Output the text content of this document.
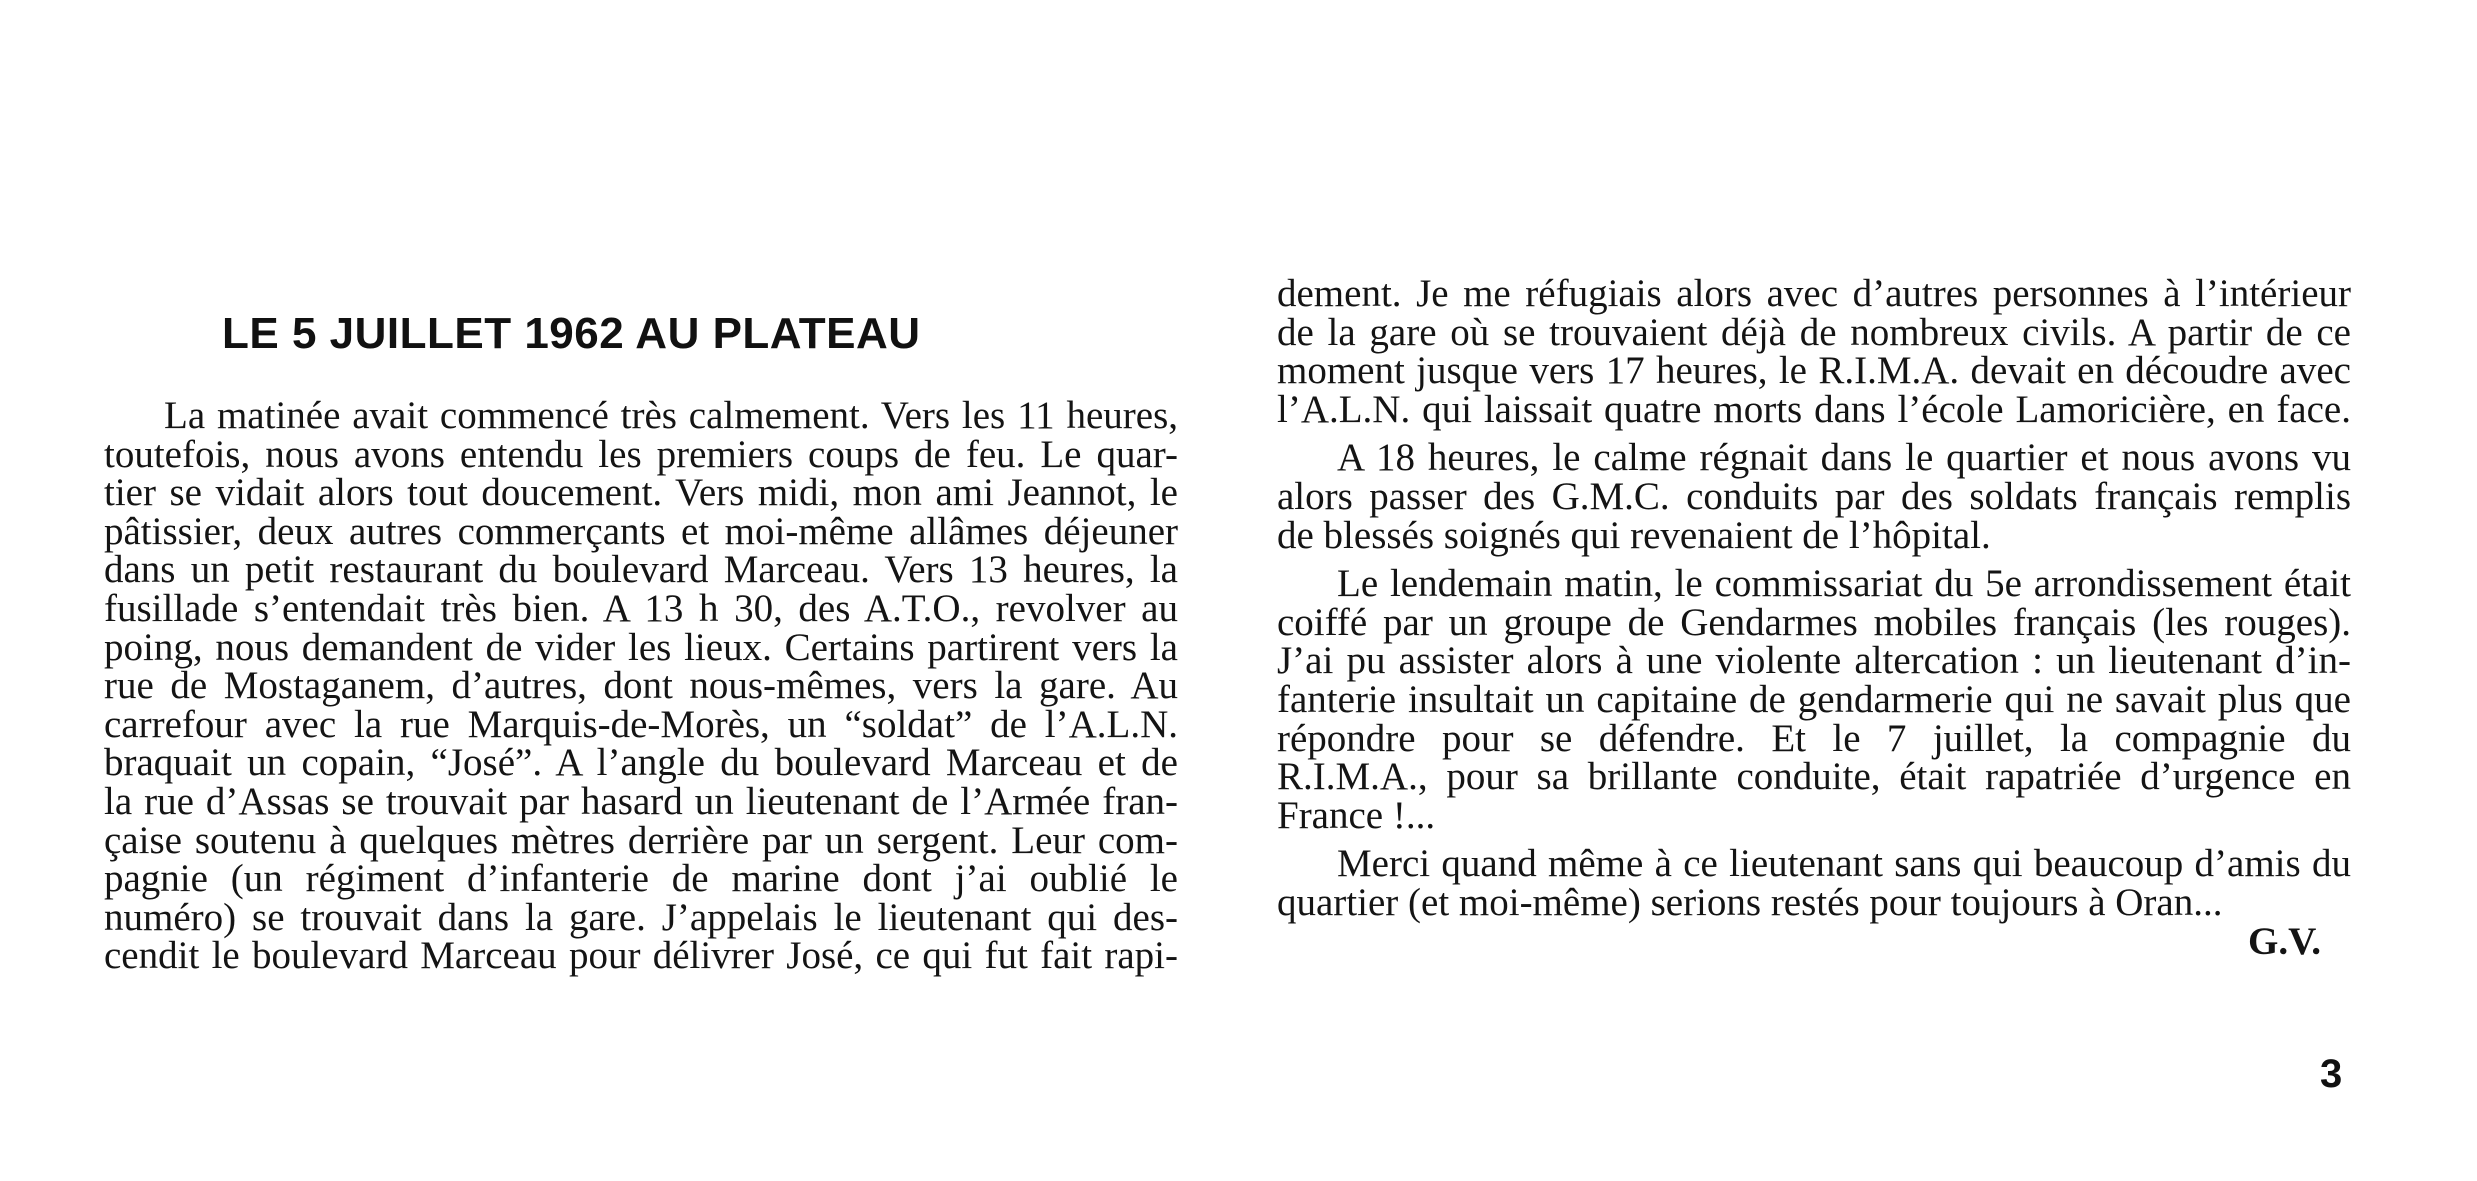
LE 5 JUILLET 1962 AU PLATEAU
La matinée avait commencé très calmement. Vers les 11 heures,
toutefois, nous avons entendu les premiers coups de feu. Le quar-
tier se vidait alors tout doucement. Vers midi, mon ami Jeannot, le
pâtissier, deux autres commerçants et moi-même allâmes déjeuner
dans un petit restaurant du boulevard Marceau. Vers 13 heures, la
fusillade s’entendait très bien. A 13 h 30, des A.T.O., revolver au
poing, nous demandent de vider les lieux. Certains partirent vers la
rue de Mostaganem, d’autres, dont nous-mêmes, vers la gare. Au
carrefour avec la rue Marquis-de-Morès, un “soldat” de l’A.L.N.
braquait un copain, “José”. A l’angle du boulevard Marceau et de
la rue d’Assas se trouvait par hasard un lieutenant de l’Armée fran-
çaise soutenu à quelques mètres derrière par un sergent. Leur com-
pagnie (un régiment d’infanterie de marine dont j’ai oublié le
numéro) se trouvait dans la gare. J’appelais le lieutenant qui des-
cendit le boulevard Marceau pour délivrer José, ce qui fut fait rapi-
dement. Je me réfugiais alors avec d’autres personnes à l’intérieur
de la gare où se trouvaient déjà de nombreux civils. A partir de ce
moment jusque vers 17 heures, le R.I.M.A. devait en découdre avec
l’A.L.N. qui laissait quatre morts dans l’école Lamoricière, en face.
A 18 heures, le calme régnait dans le quartier et nous avons vu
alors passer des G.M.C. conduits par des soldats français remplis
de blessés soignés qui revenaient de l’hôpital.
Le lendemain matin, le commissariat du 5e arrondissement était
coiffé par un groupe de Gendarmes mobiles français (les rouges).
J’ai pu assister alors à une violente altercation : un lieutenant d’in-
fanterie insultait un capitaine de gendarmerie qui ne savait plus que
répondre pour se défendre. Et le 7 juillet, la compagnie du
R.I.M.A., pour sa brillante conduite, était rapatriée d’urgence en
France !...
Merci quand même à ce lieutenant sans qui beaucoup d’amis du
quartier (et moi-même) serions restés pour toujours à Oran...
G.V.
3
